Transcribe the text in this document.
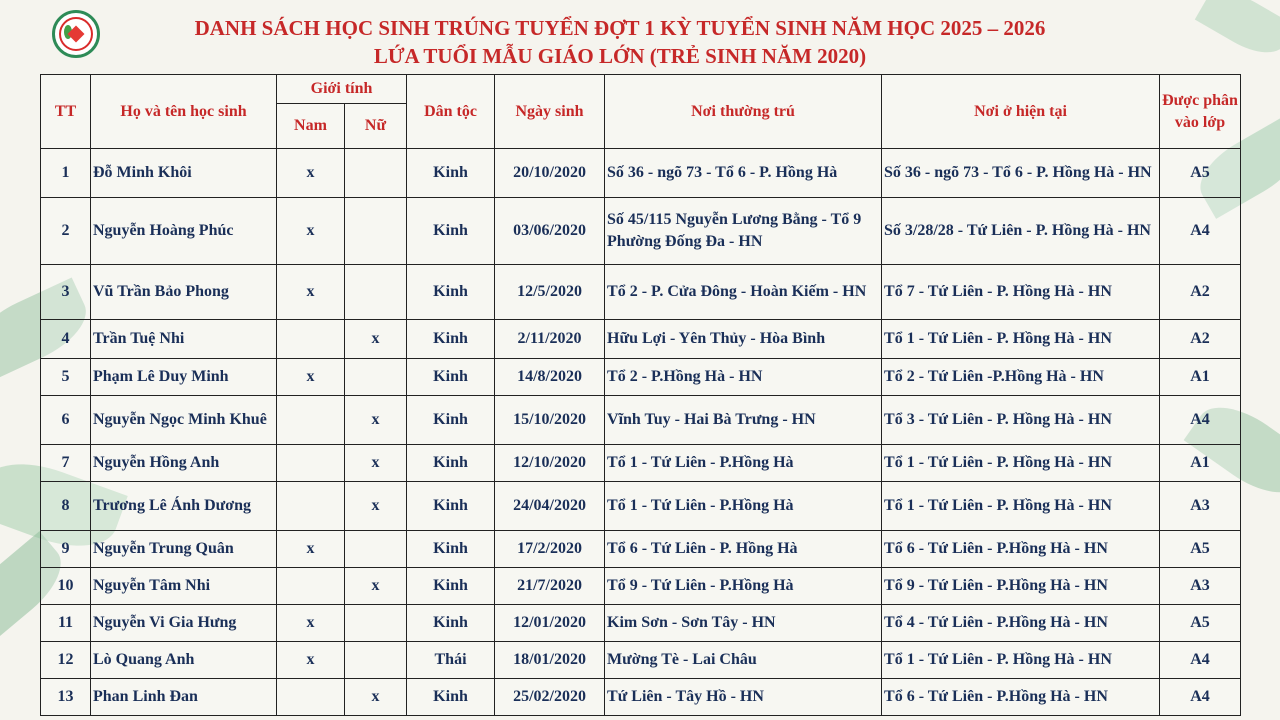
DANH SÁCH HỌC SINH TRÚNG TUYỂN ĐỢT 1 KỲ TUYỂN SINH NĂM HỌC 2025 – 2026
LỨA TUỔI MẪU GIÁO LỚN (TRẺ SINH NĂM 2020)
TT	Họ và tên học sinh	Giới tính		Dân tộc	Ngày sinh	Nơi thường trú	Nơi ở hiện tại	Được phân vào lớp
		Nam	Nữ					
1	Đỗ Minh Khôi	x		Kinh	20/10/2020	Số 36 - ngõ 73 - Tổ 6 - P. Hồng Hà	Số 36 - ngõ 73 - Tổ 6 - P. Hồng Hà - HN	A5
2	Nguyễn Hoàng Phúc	x		Kinh	03/06/2020	Số 45/115 Nguyễn Lương Bằng - Tổ 9 Phường Đống Đa - HN	Số 3/28/28 - Tứ Liên - P. Hồng Hà - HN	A4
3	Vũ Trần Bảo Phong	x		Kinh	12/5/2020	Tổ 2 - P. Cửa Đông - Hoàn Kiếm - HN	Tổ 7 - Tứ Liên - P. Hồng Hà - HN	A2
4	Trần Tuệ Nhi		x	Kinh	2/11/2020	Hữu Lợi - Yên Thủy - Hòa Bình	Tổ 1 - Tứ Liên - P. Hồng Hà - HN	A2
5	Phạm Lê Duy Minh	x		Kinh	14/8/2020	Tổ 2 - P.Hồng Hà - HN	Tổ 2 - Tứ Liên -P.Hồng Hà - HN	A1
6	Nguyễn Ngọc Minh Khuê		x	Kinh	15/10/2020	Vĩnh Tuy - Hai Bà Trưng - HN	Tổ 3 - Tứ Liên - P. Hồng Hà - HN	A4
7	Nguyễn Hồng Anh		x	Kinh	12/10/2020	Tổ 1 - Tứ Liên - P.Hồng Hà	Tổ 1 - Tứ Liên - P. Hồng Hà - HN	A1
8	Trương Lê Ánh Dương		x	Kinh	24/04/2020	Tổ 1 - Tứ Liên - P.Hồng Hà	Tổ 1 - Tứ Liên - P. Hồng Hà - HN	A3
9	Nguyễn Trung Quân	x		Kinh	17/2/2020	Tổ 6 - Tứ Liên - P. Hồng Hà	Tổ 6 - Tứ Liên - P.Hồng Hà - HN	A5
10	Nguyễn Tâm Nhi		x	Kinh	21/7/2020	Tổ 9 - Tứ Liên - P.Hồng Hà	Tổ 9 - Tứ Liên - P.Hồng Hà - HN	A3
11	Nguyễn Vi Gia Hưng	x		Kinh	12/01/2020	Kim Sơn - Sơn Tây - HN	Tổ 4 - Tứ Liên - P.Hồng Hà - HN	A5
12	Lò Quang Anh	x		Thái	18/01/2020	Mường Tè - Lai Châu	Tổ 1 - Tứ Liên - P. Hồng Hà - HN	A4
13	Phan Linh Đan		x	Kinh	25/02/2020	Tứ Liên - Tây Hồ - HN	Tổ 6 - Tứ Liên - P.Hồng Hà - HN	A4
